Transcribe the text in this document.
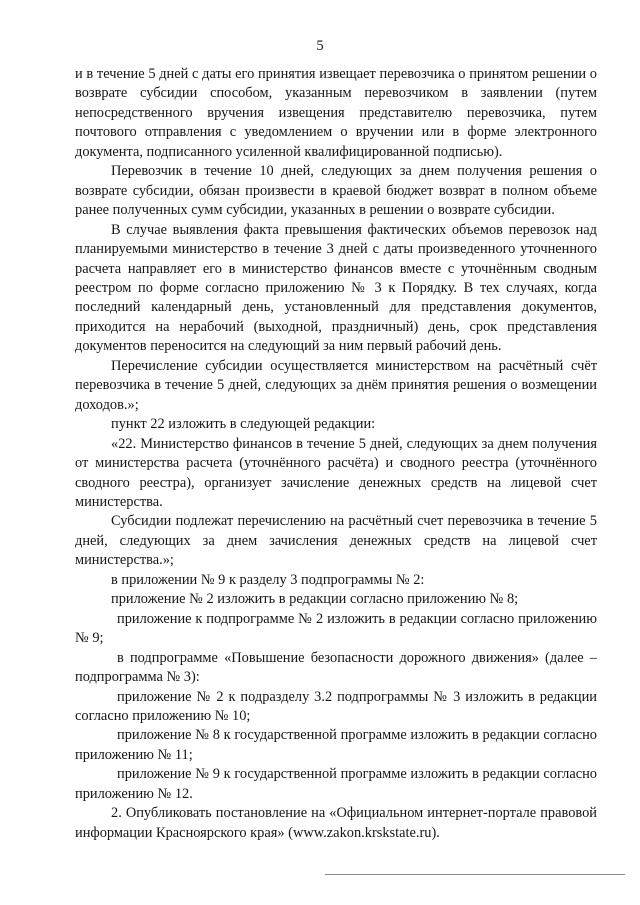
5

и в течение 5 дней с даты его принятия извещает перевозчика о принятом решении о возврате субсидии способом, указанным перевозчиком в заявлении (путем непосредственного вручения извещения представителю перевозчика, путем почтового отправления с уведомлением о вручении или в форме электронного документа, подписанного усиленной квалифицированной подписью).

Перевозчик в течение 10 дней, следующих за днем получения решения о возврате субсидии, обязан произвести в краевой бюджет возврат в полном объеме ранее полученных сумм субсидии, указанных в решении о возврате субсидии.

В случае выявления факта превышения фактических объемов перевозок над планируемыми министерство в течение 3 дней с даты произведенного уточненного расчета направляет его в министерство финансов вместе с уточнённым сводным реестром по форме согласно приложению № 3 к Порядку. В тех случаях, когда последний календарный день, установленный для представления документов, приходится на нерабочий (выходной, праздничный) день, срок представления документов переносится на следующий за ним первый рабочий день.

Перечисление субсидии осуществляется министерством на расчётный счёт перевозчика в течение 5 дней, следующих за днём принятия решения о возмещении доходов.»;

пункт 22 изложить в следующей редакции:

«22. Министерство финансов в течение 5 дней, следующих за днем получения от министерства расчета (уточнённого расчёта) и сводного реестра (уточнённого сводного реестра), организует зачисление денежных средств на лицевой счет министерства.

Субсидии подлежат перечислению на расчётный счет перевозчика в течение 5 дней, следующих за днем зачисления денежных средств на лицевой счет министерства.»;

в приложении № 9 к разделу 3 подпрограммы № 2:

приложение № 2 изложить в редакции согласно приложению № 8;

приложение к подпрограмме № 2 изложить в редакции согласно приложению № 9;

в подпрограмме «Повышение безопасности дорожного движения» (далее – подпрограмма № 3):

приложение № 2 к подразделу 3.2 подпрограммы № 3 изложить в редакции согласно приложению № 10;

приложение № 8 к государственной программе изложить в редакции согласно приложению № 11;

приложение № 9 к государственной программе изложить в редакции согласно приложению № 12.

2. Опубликовать постановление на «Официальном интернет-портале правовой информации Красноярского края» (www.zakon.krskstate.ru).
